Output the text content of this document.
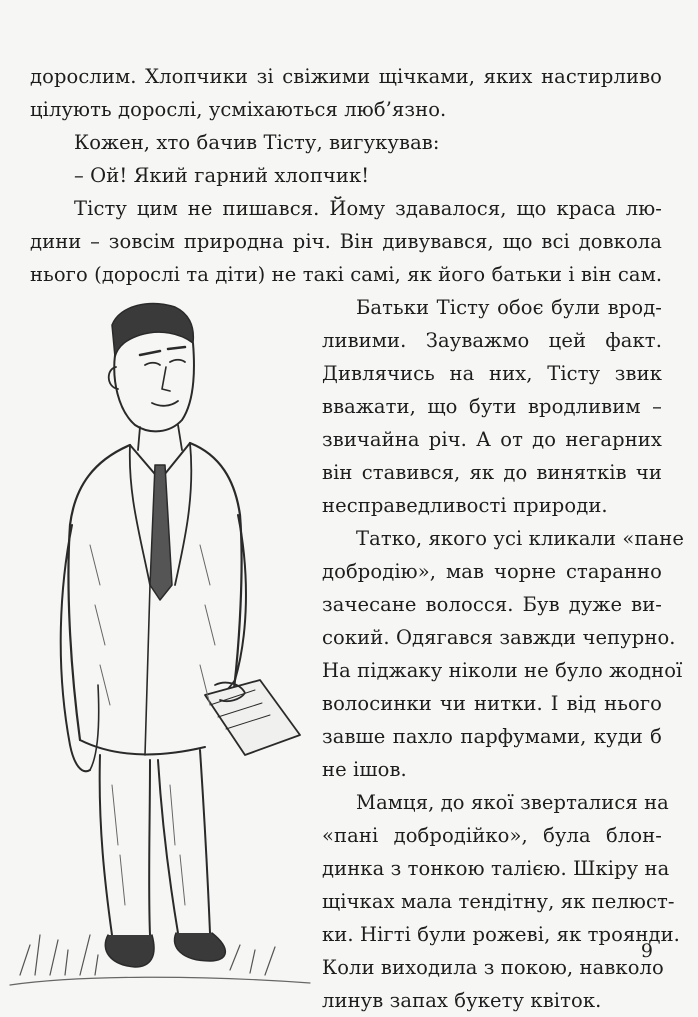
дорослим. Хлопчики зі свіжими щічками, яких настирливо
цілують дорослі, усміхаються люб’язно.
Кожен, хто бачив Тісту, вигукував:
– Ой! Який гарний хлопчик!
Тісту цим не пишався. Йому здавалося, що краса лю-
дини – зовсім природна річ. Він дивувався, що всі довкола
нього (дорослі та діти) не такі самі, як його батьки і він сам.
Батьки Тісту обоє були врод-
ливими. Зауважмо цей факт.
Дивлячись на них, Тісту звик
вважати, що бути вродливим –
звичайна річ. А от до негарних
він ставився, як до винятків чи
несправедливості природи.
Татко, якого усі кликали «пане
добродію», мав чорне старанно
зачесане волосся. Був дуже ви-
сокий. Одягався завжди чепурно.
На піджаку ніколи не було жодної
волосинки чи нитки. І від нього
завше пахло парфумами, куди б
не ішов.
Мамця, до якої зверталися на
«пані добродійко», була блон-
динка з тонкою талією. Шкіру на
щічках мала тендітну, як пелюст-
ки. Нігті були рожеві, як троянди.
Коли виходила з покою, навколо
линув запах букету квіток.
9
